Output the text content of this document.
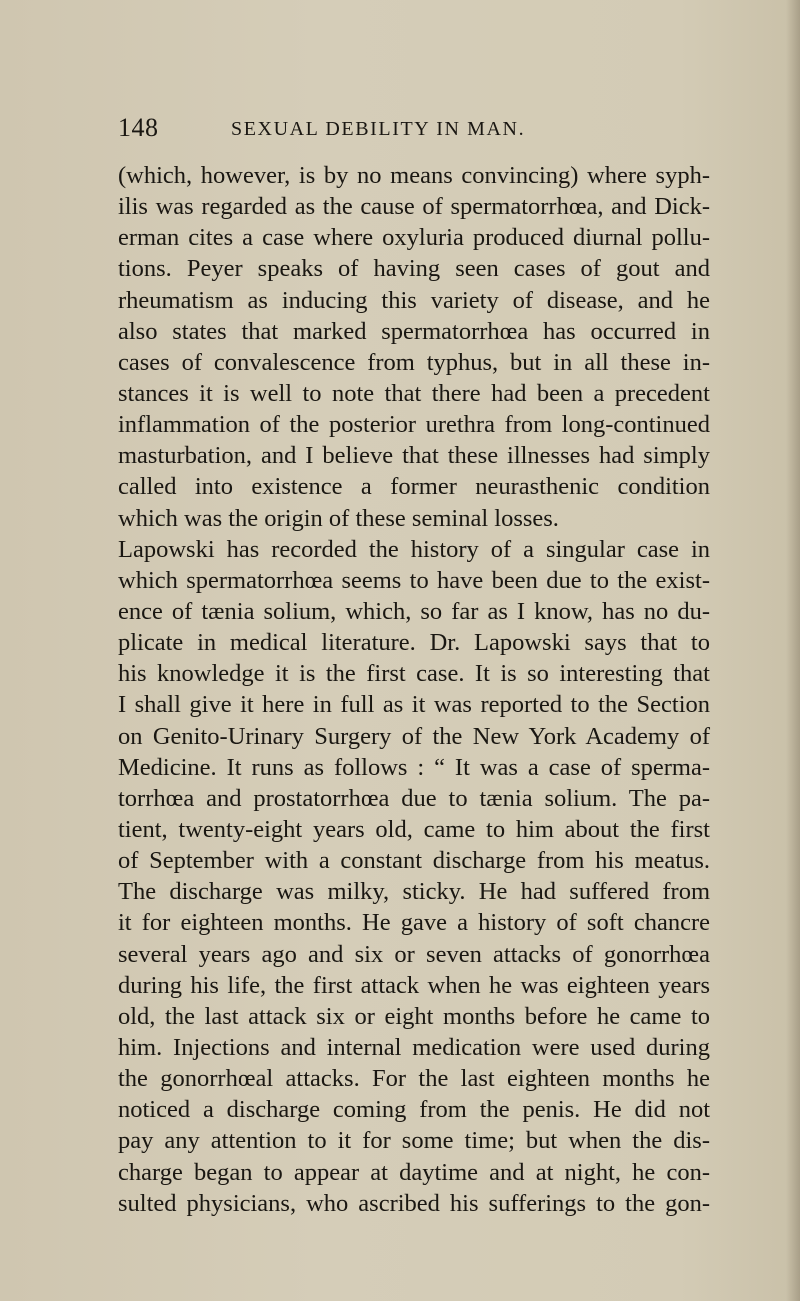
148	SEXUAL DEBILITY IN MAN.
(which, however, is by no means convincing) where syph-
ilis was regarded as the cause of spermatorrhœa, and Dick-
erman cites a case where oxyluria produced diurnal pollu-
tions. Peyer speaks of having seen cases of gout and
rheumatism as inducing this variety of disease, and he
also states that marked spermatorrhœa has occurred in
cases of convalescence from typhus, but in all these in-
stances it is well to note that there had been a precedent
inflammation of the posterior urethra from long-continued
masturbation, and I believe that these illnesses had simply
called into existence a former neurasthenic condition
which was the origin of these seminal losses.
Lapowski has recorded the history of a singular case in
which spermatorrhœa seems to have been due to the exist-
ence of tænia solium, which, so far as I know, has no du-
plicate in medical literature. Dr. Lapowski says that to
his knowledge it is the first case. It is so interesting that
I shall give it here in full as it was reported to the Section
on Genito-Urinary Surgery of the New York Academy of
Medicine. It runs as follows : “ It was a case of sperma-
torrhœa and prostatorrhœa due to tænia solium. The pa-
tient, twenty-eight years old, came to him about the first
of September with a constant discharge from his meatus.
The discharge was milky, sticky. He had suffered from
it for eighteen months. He gave a history of soft chancre
several years ago and six or seven attacks of gonorrhœa
during his life, the first attack when he was eighteen years
old, the last attack six or eight months before he came to
him. Injections and internal medication were used during
the gonorrhœal attacks. For the last eighteen months he
noticed a discharge coming from the penis. He did not
pay any attention to it for some time; but when the dis-
charge began to appear at daytime and at night, he con-
sulted physicians, who ascribed his sufferings to the gon-
